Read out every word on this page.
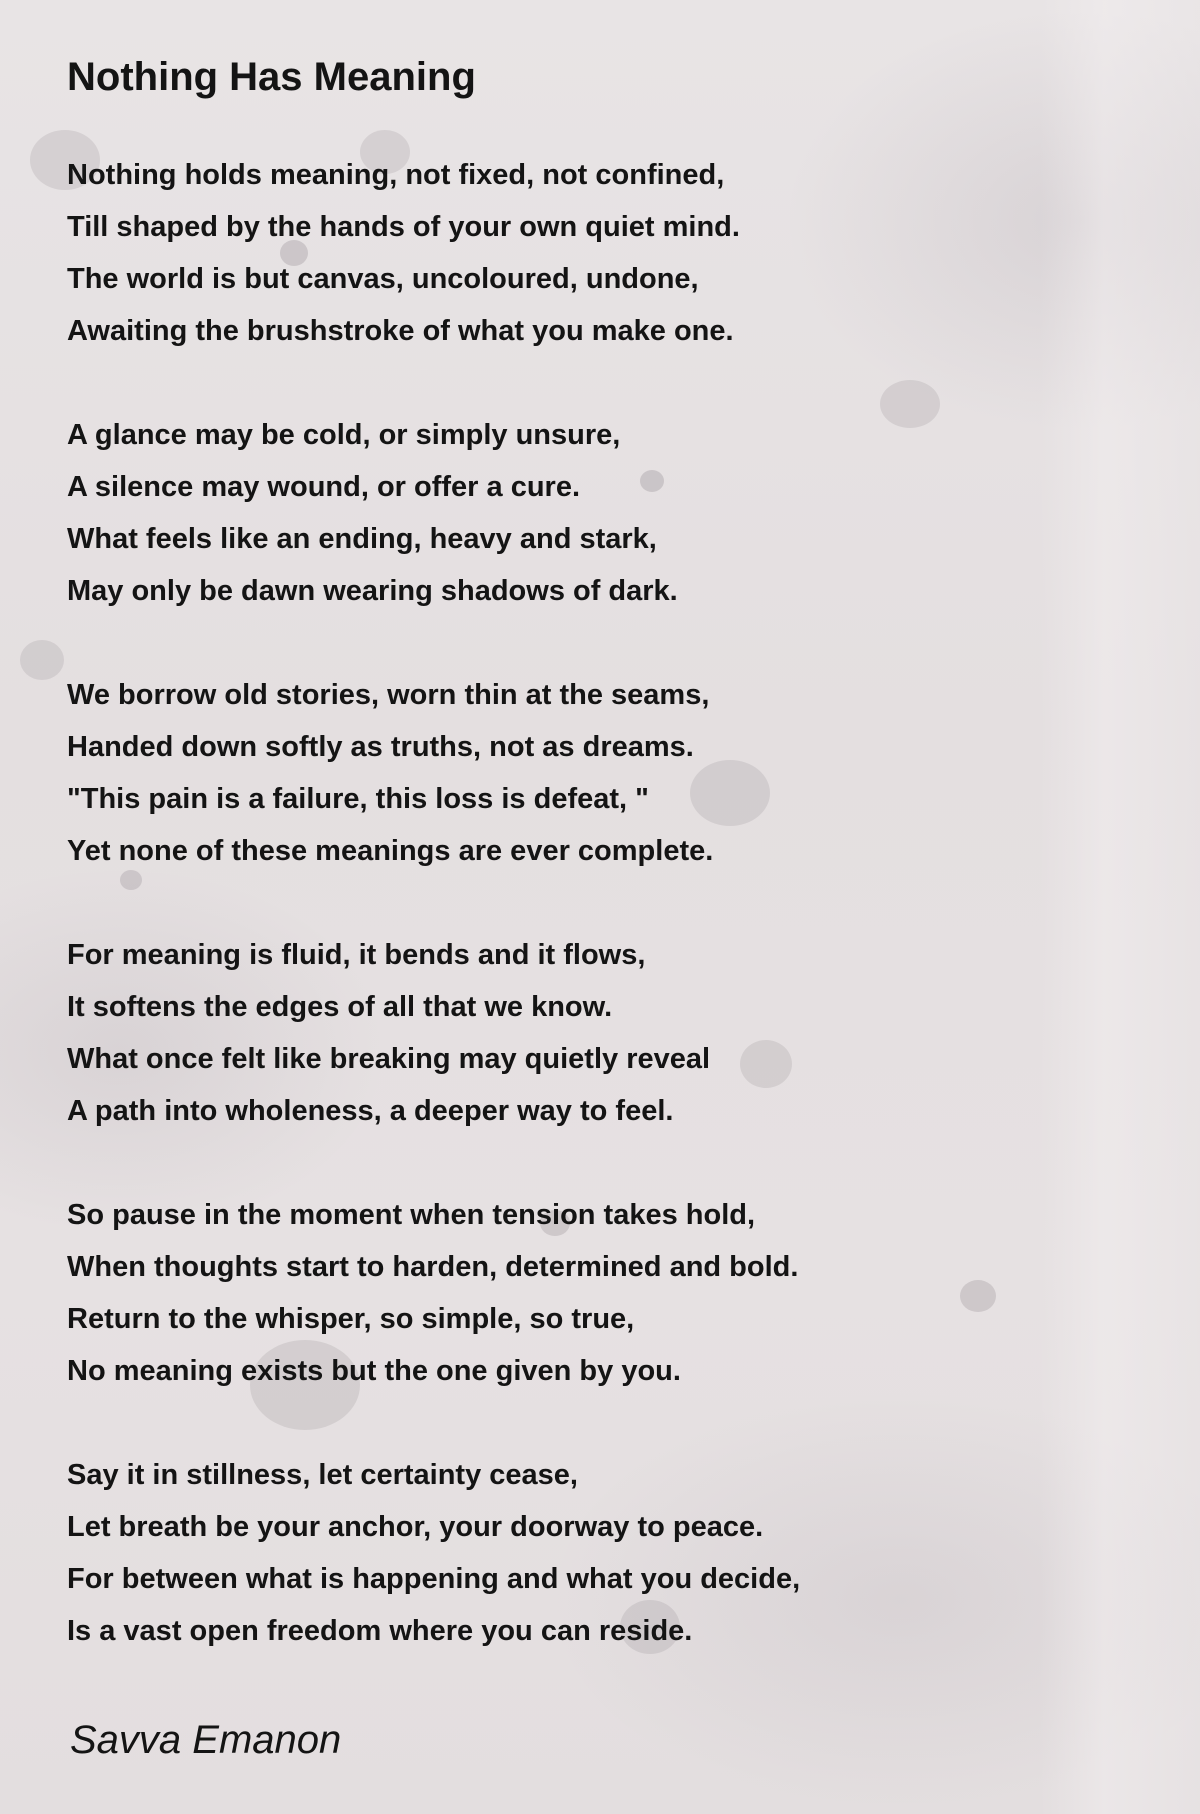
Nothing Has Meaning
Nothing holds meaning, not fixed, not confined,
Till shaped by the hands of your own quiet mind.
The world is but canvas, uncoloured, undone,
Awaiting the brushstroke of what you make one.
A glance may be cold, or simply unsure,
A silence may wound, or offer a cure.
What feels like an ending, heavy and stark,
May only be dawn wearing shadows of dark.
We borrow old stories, worn thin at the seams,
Handed down softly as truths, not as dreams.
"This pain is a failure, this loss is defeat, "
Yet none of these meanings are ever complete.
For meaning is fluid, it bends and it flows,
It softens the edges of all that we know.
What once felt like breaking may quietly reveal
A path into wholeness, a deeper way to feel.
So pause in the moment when tension takes hold,
When thoughts start to harden, determined and bold.
Return to the whisper, so simple, so true,
No meaning exists but the one given by you.
Say it in stillness, let certainty cease,
Let breath be your anchor, your doorway to peace.
For between what is happening and what you decide,
Is a vast open freedom where you can reside.
Savva Emanon
